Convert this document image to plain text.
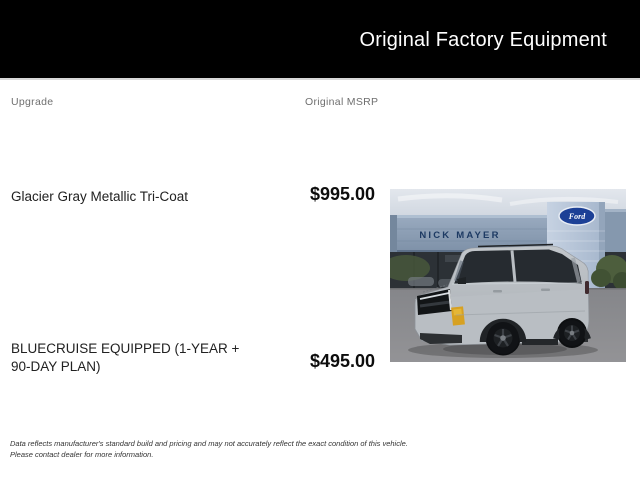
Original Factory Equipment
Upgrade	Original MSRP
Glacier Gray Metallic Tri-Coat	$995.00
BLUECRUISE EQUIPPED (1-YEAR + 90-DAY PLAN)	$495.00
NICK MAYER
Ford
Data reflects manufacturer's standard build and pricing and may not accurately reflect the exact condition of this vehicle.
Please contact dealer for more information.
